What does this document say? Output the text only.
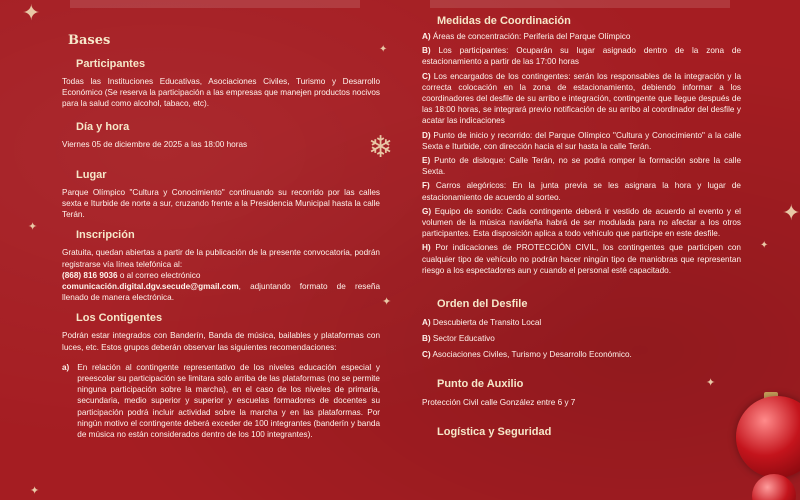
✦
❄
✦
✦
✦
✦
✦
✦
✦
Bases
Participantes
Todas las Instituciones Educativas, Asociaciones Civiles, Turismo y Desarrollo Económico (Se reserva la participación a las empresas que manejen productos nocivos para la salud como alcohol, tabaco, etc).
Día y hora
Viernes 05 de diciembre de 2025 a las 18:00 horas
Lugar
Parque Olímpico "Cultura y Conocimiento" continuando su recorrido por las calles sexta e Iturbide de norte a sur, cruzando frente a la Presidencia Municipal hasta la calle Terán.
Inscripción
Gratuita, quedan abiertas a partir de la publicación de la presente convocatoria, podrán registrarse vía línea telefónica al:
(868) 816 9036 o al correo electrónico
comunicación.digital.dgv.secude@gmail.com, adjuntando formato de reseña llenado de manera electrónica.
Los Contigentes
Podrán estar integrados con Banderín, Banda de música, bailables y plataformas con luces, etc. Estos grupos deberán observar las siguientes recomendaciones:
a) En relación al contingente representativo de los niveles educación especial y preescolar su participación se limitara solo arriba de las plataformas (no se permite ninguna participación sobre la marcha), en el caso de los niveles de primaria, secundaria, medio superior y superior y escuelas formadores de docentes su participación podrá incluir actividad sobre la marcha y en las plataformas. Por ningún motivo el contingente deberá exceder de 100 integrantes (banderín y banda de música no están considerados dentro de los 100 integrantes).
Medidas de Coordinación
A) Áreas de concentración: Periferia del Parque Olímpico
B) Los participantes: Ocuparán su lugar asignado dentro de la zona de estacionamiento a partir de las 17:00 horas
C) Los encargados de los contingentes: serán los responsables de la integración y la correcta colocación en la zona de estacionamiento, debiendo informar a los coordinadores del desfile de su arribo e integración, contingente que llegue después de las 18:00 horas, se integrará previo notificación de su arribo al coordinador del desfile y acatar las indicaciones
D) Punto de inicio y recorrido: del Parque Olímpico "Cultura y Conocimiento" a la calle Sexta e Iturbide, con dirección hacia el sur hasta la calle Terán.
E) Punto de disloque: Calle Terán, no se podrá romper la formación sobre la calle Sexta.
F) Carros alegóricos: En la junta previa se les asignara la hora y lugar de estacionamiento de acuerdo al sorteo.
G) Equipo de sonido: Cada contingente deberá ir vestido de acuerdo al evento y el volumen de la música navideña habrá de ser modulada para no afectar a los otros participantes. Esta disposición aplica a todo vehículo que participe en este desfile.
H) Por indicaciones de PROTECCIÓN CIVIL, los contingentes que participen con cualquier tipo de vehículo no podrán hacer ningún tipo de maniobras que representan riesgo a los espectadores aun y cuando el personal esté capacitado.
Orden del Desfile
A) Descubierta de Transito Local
B) Sector Educativo
C) Asociaciones Civiles, Turismo y Desarrollo Económico.
Punto de Auxilio
Protección Civil calle González entre 6 y 7
Logística y Seguridad
